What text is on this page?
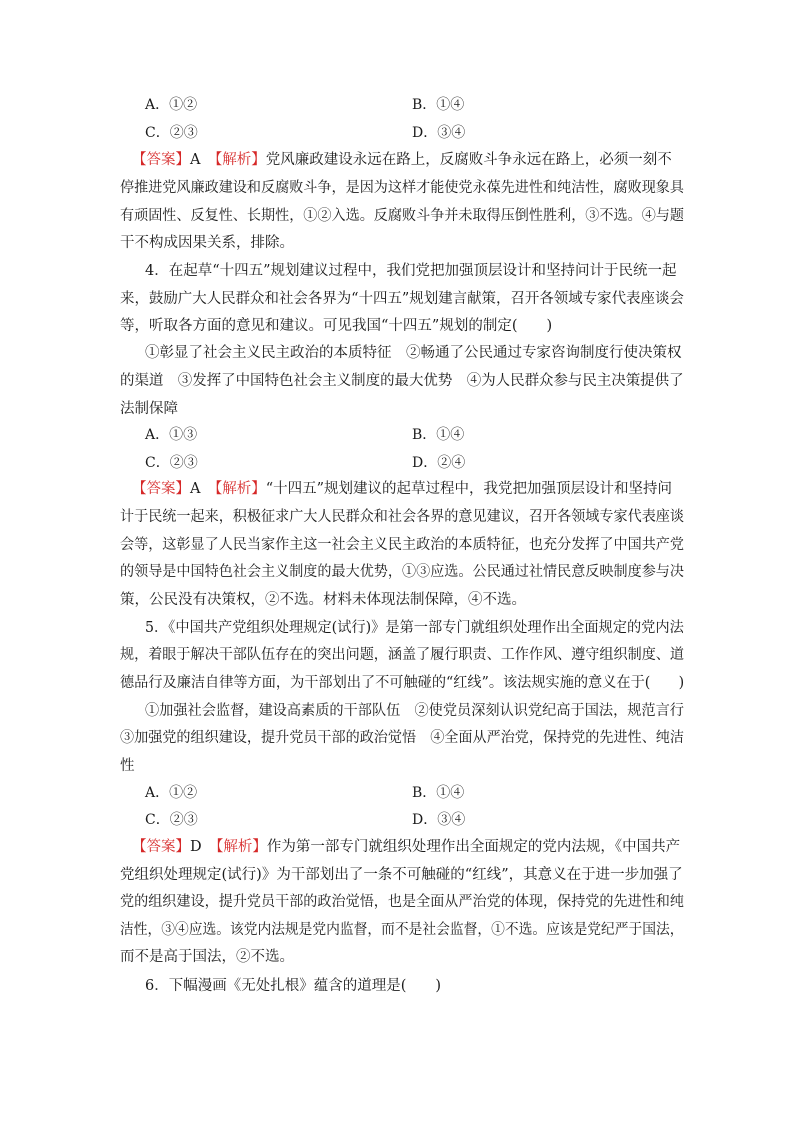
A．①②	B．①④
C．②③	D．③④
【答案】A　 【解析】党风廉政建设永远在路上，反腐败斗争永远在路上，必须一刻不
停推进党风廉政建设和反腐败斗争，是因为这样才能使党永葆先进性和纯洁性，腐败现象具
有顽固性、反复性、长期性，①②入选。反腐败斗争并未取得压倒性胜利，③不选。④与题
干不构成因果关系，排除。
4．在起草“十四五”规划建议过程中，我们党把加强顶层设计和坚持问计于民统一起
来，鼓励广大人民群众和社会各界为“十四五”规划建言献策，召开各领域专家代表座谈会
等，听取各方面的意见和建议。可见我国“十四五”规划的制定(　　)
①彰显了社会主义民主政治的本质特征　②畅通了公民通过专家咨询制度行使决策权
的渠道　③发挥了中国特色社会主义制度的最大优势　④为人民群众参与民主决策提供了
法制保障
A．①③	B．①④
C．②③	D．②④
【答案】A　 【解析】“十四五”规划建议的起草过程中，我党把加强顶层设计和坚持问
计于民统一起来，积极征求广大人民群众和社会各界的意见建议，召开各领域专家代表座谈
会等，这彰显了人民当家作主这一社会主义民主政治的本质特征，也充分发挥了中国共产党
的领导是中国特色社会主义制度的最大优势，①③应选。公民通过社情民意反映制度参与决
策，公民没有决策权，②不选。材料未体现法制保障，④不选。
5．《中国共产党组织处理规定(试行)》是第一部专门就组织处理作出全面规定的党内法
规，着眼于解决干部队伍存在的突出问题，涵盖了履行职责、工作作风、遵守组织制度、道
德品行及廉洁自律等方面，为干部划出了不可触碰的“红线”。该法规实施的意义在于(　　)
①加强社会监督，建设高素质的干部队伍　②使党员深刻认识党纪高于国法，规范言行
③加强党的组织建设，提升党员干部的政治觉悟　④全面从严治党，保持党的先进性、纯洁
性
A．①②	B．①④
C．②③	D．③④
【答案】D　 【解析】作为第一部专门就组织处理作出全面规定的党内法规，《中国共产
党组织处理规定(试行)》为干部划出了一条不可触碰的“红线”，其意义在于进一步加强了
党的组织建设，提升党员干部的政治觉悟，也是全面从严治党的体现，保持党的先进性和纯
洁性，③④应选。该党内法规是党内监督，而不是社会监督，①不选。应该是党纪严于国法，
而不是高于国法，②不选。
6．下幅漫画《无处扎根》蕴含的道理是(　　)
